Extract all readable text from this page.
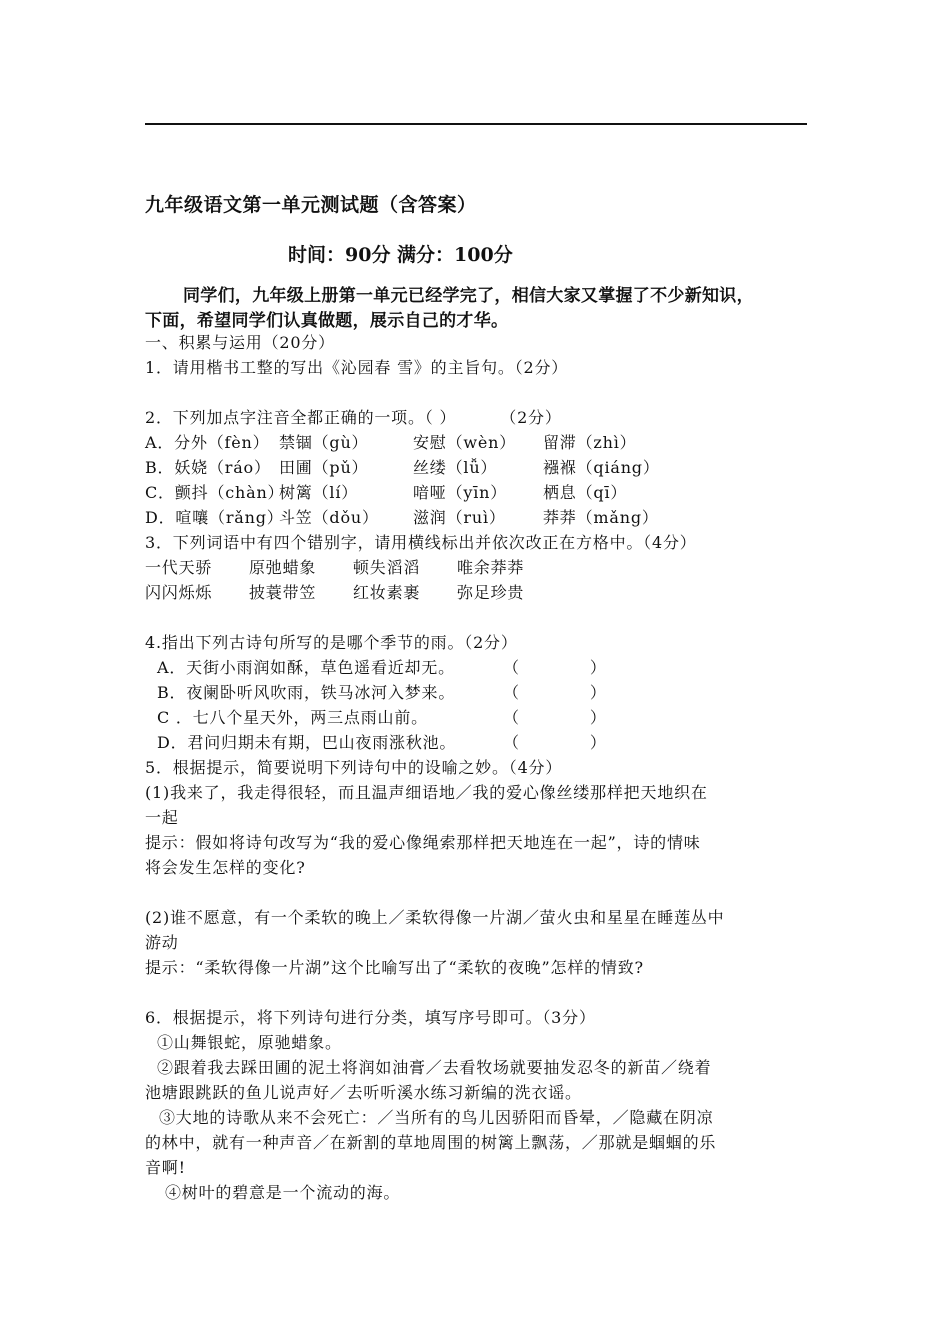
九年级语文第一单元测试题（含答案）
时间：90分 满分：100分
同学们，九年级上册第一单元已经学完了，相信大家又掌握了不少新知识，
下面，希望同学们认真做题，展示自己的才华。
一、积累与运用（20分）
1．请用楷书工整的写出《沁园春 雪》的主旨句。（2分）
2．下列加点字注音全都正确的一项。（ ）	（2分）
A．分外（fèn） 禁锢（gù）	安慰（wèn） 留滞（zhì）
B．妖娆（ráo） 田圃（pǔ）	丝缕（lǚ）	襁褓（qiáng）
C．颤抖（chàn）树篱（lí）	喑哑（yīn） 栖息（qī）
D．喧嚷（rǎng）斗笠（dǒu） 滋润（ruì） 莽莽（mǎng）
3．下列词语中有四个错别字，请用横线标出并依次改正在方格中。（4分）
一代天骄 原弛蜡象 顿失滔滔 唯余莽莽
闪闪烁烁 披蓑带笠 红妆素裹 弥足珍贵
4.指出下列古诗句所写的是哪个季节的雨。（2分）
A．天街小雨润如酥，草色遥看近却无。	（	）
B．夜阑卧听风吹雨，铁马冰河入梦来。	（	）
C ．七八个星天外，两三点雨山前。	（	）
D．君问归期未有期，巴山夜雨涨秋池。	（	）
5．根据提示，简要说明下列诗句中的设喻之妙。（4分）
(1)我来了，我走得很轻，而且温声细语地／我的爱心像丝缕那样把天地织在
一起
提示：假如将诗句改写为“我的爱心像绳索那样把天地连在一起”，诗的情味
将会发生怎样的变化?
(2)谁不愿意，有一个柔软的晚上／柔软得像一片湖／萤火虫和星星在睡莲丛中
游动
提示：“柔软得像一片湖”这个比喻写出了“柔软的夜晚”怎样的情致?
6．根据提示，将下列诗句进行分类，填写序号即可。（3分）
①山舞银蛇，原驰蜡象。
②跟着我去踩田圃的泥土将润如油膏／去看牧场就要抽发忍冬的新苗／绕着
池塘跟跳跃的鱼儿说声好／去听听溪水练习新编的洗衣谣。
③大地的诗歌从来不会死亡：／当所有的鸟儿因骄阳而昏晕，／隐藏在阴凉
的林中，就有一种声音／在新割的草地周围的树篱上飘荡，／那就是蝈蝈的乐
音啊!
④树叶的碧意是一个流动的海。
